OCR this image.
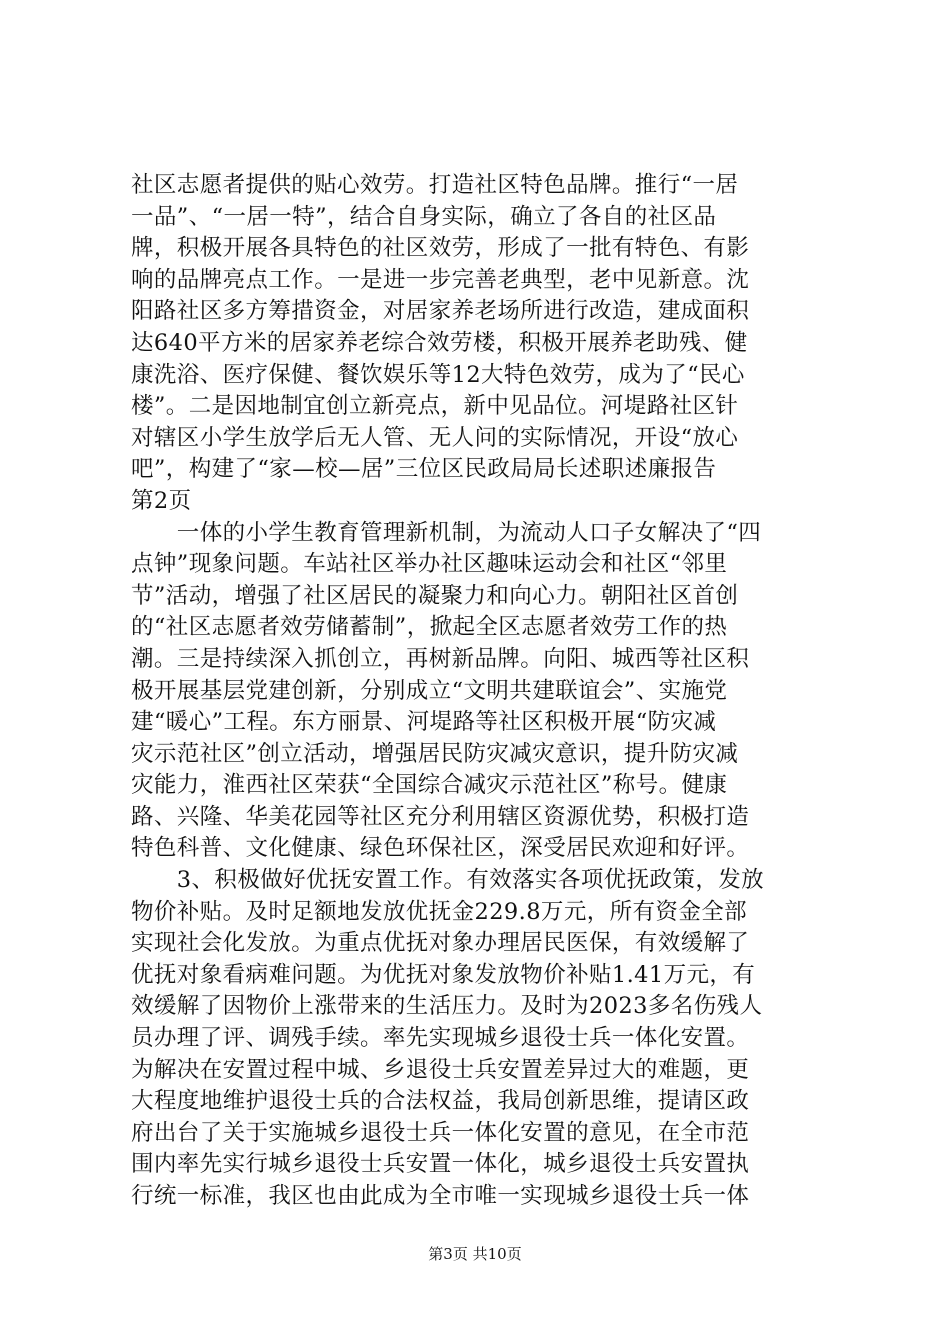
社区志愿者提供的贴心效劳。打造社区特色品牌。推行“一居
一品”、“一居一特”，结合自身实际，确立了各自的社区品
牌，积极开展各具特色的社区效劳，形成了一批有特色、有影
响的品牌亮点工作。一是进一步完善老典型，老中见新意。沈
阳路社区多方筹措资金，对居家养老场所进行改造，建成面积
达640平方米的居家养老综合效劳楼，积极开展养老助残、健
康洗浴、医疗保健、餐饮娱乐等12大特色效劳，成为了“民心
楼”。二是因地制宜创立新亮点，新中见品位。河堤路社区针
对辖区小学生放学后无人管、无人问的实际情况，开设“放心
吧”，构建了“家—校—居”三位区民政局局长述职述廉报告
第2页
　　一体的小学生教育管理新机制，为流动人口子女解决了“四
点钟”现象问题。车站社区举办社区趣味运动会和社区“邻里
节”活动，增强了社区居民的凝聚力和向心力。朝阳社区首创
的“社区志愿者效劳储蓄制”，掀起全区志愿者效劳工作的热
潮。三是持续深入抓创立，再树新品牌。向阳、城西等社区积
极开展基层党建创新，分别成立“文明共建联谊会”、实施党
建“暖心”工程。东方丽景、河堤路等社区积极开展“防灾减
灾示范社区”创立活动，增强居民防灾减灾意识，提升防灾减
灾能力，淮西社区荣获“全国综合减灾示范社区”称号。健康
路、兴隆、华美花园等社区充分利用辖区资源优势，积极打造
特色科普、文化健康、绿色环保社区，深受居民欢迎和好评。
　　3、积极做好优抚安置工作。有效落实各项优抚政策，发放
物价补贴。及时足额地发放优抚金229.8万元，所有资金全部
实现社会化发放。为重点优抚对象办理居民医保，有效缓解了
优抚对象看病难问题。为优抚对象发放物价补贴1.41万元，有
效缓解了因物价上涨带来的生活压力。及时为2023多名伤残人
员办理了评、调残手续。率先实现城乡退役士兵一体化安置。
为解决在安置过程中城、乡退役士兵安置差异过大的难题，更
大程度地维护退役士兵的合法权益，我局创新思维，提请区政
府出台了关于实施城乡退役士兵一体化安置的意见，在全市范
围内率先实行城乡退役士兵安置一体化，城乡退役士兵安置执
行统一标准，我区也由此成为全市唯一实现城乡退役士兵一体
第3页 共10页
